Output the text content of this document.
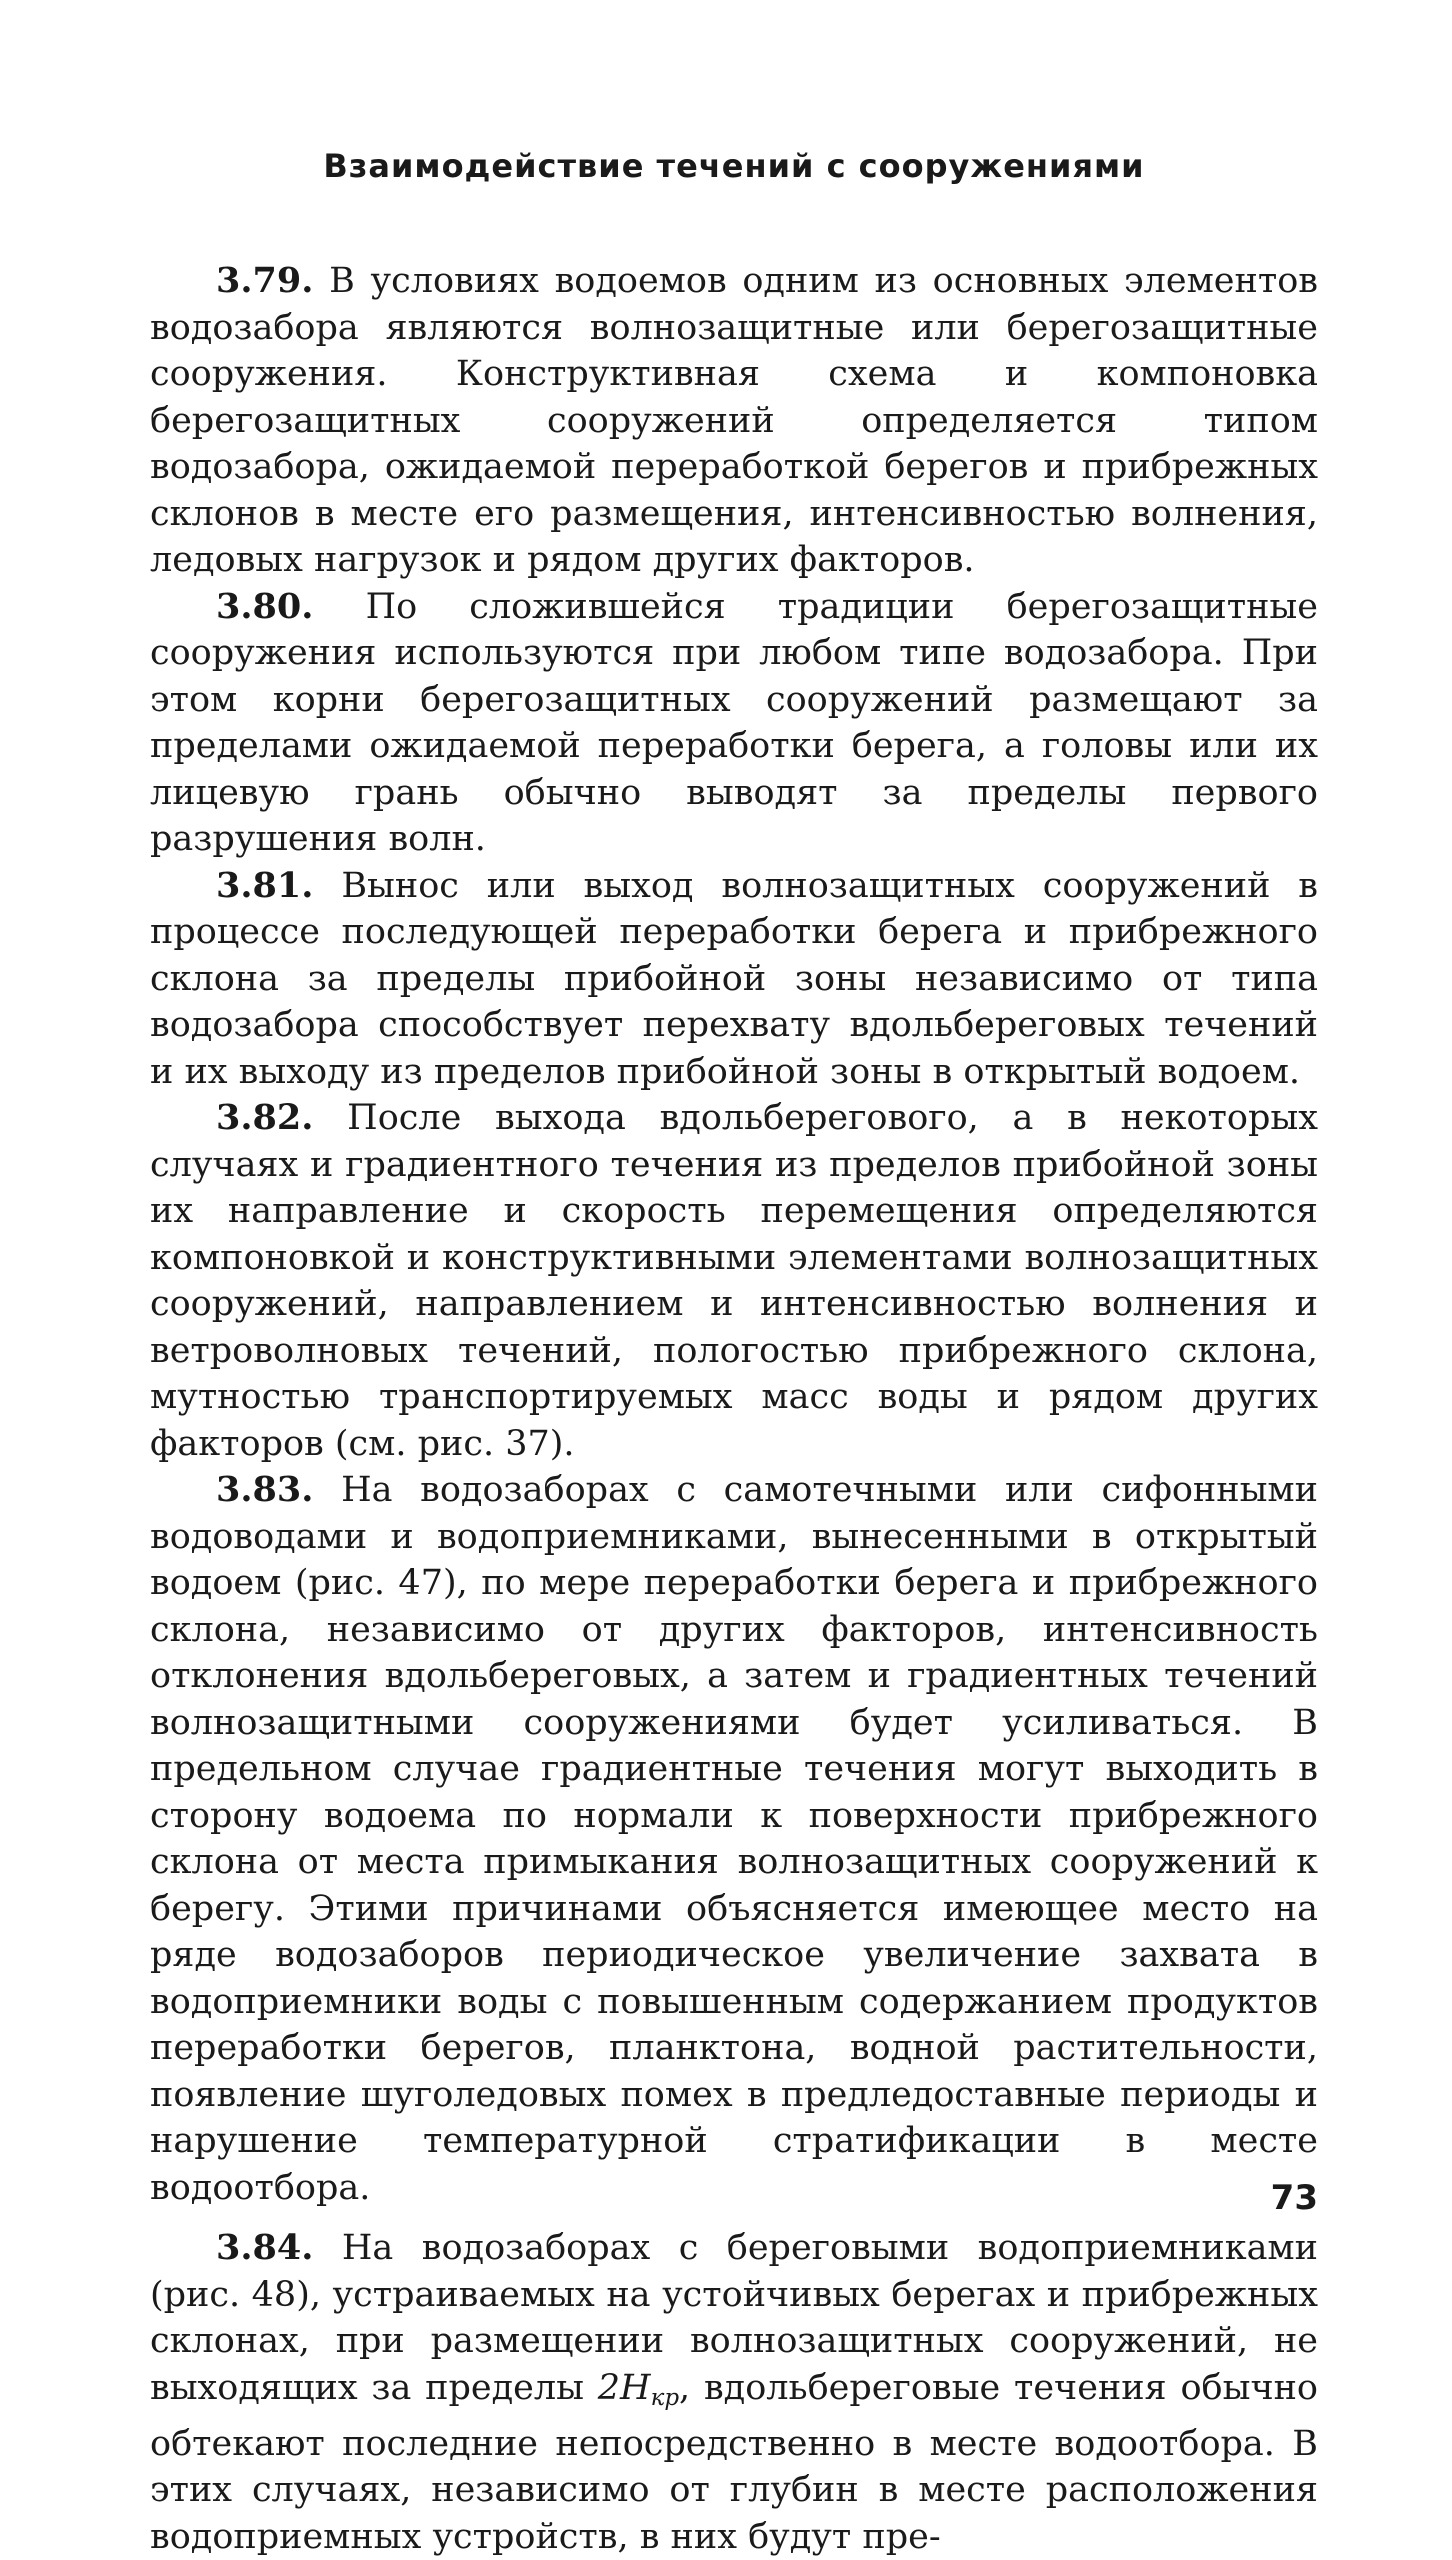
Взаимодействие течений с сооружениями

3.79. В условиях водоемов одним из основных элементов водозабора являются волнозащитные или берегозащитные сооружения. Конструктивная схема и компоновка берегозащитных сооружений определяется типом водозабора, ожидаемой переработкой берегов и прибрежных склонов в месте его размещения, интенсивностью волнения, ледовых нагрузок и рядом других факторов.

3.80. По сложившейся традиции берегозащитные сооружения используются при любом типе водозабора. При этом корни берегозащитных сооружений размещают за пределами ожидаемой переработки берега, а головы или их лицевую грань обычно выводят за пределы первого разрушения волн.

3.81. Вынос или выход волнозащитных сооружений в процессе последующей переработки берега и прибрежного склона за пределы прибойной зоны независимо от типа водозабора способствует перехвату вдольбереговых течений и их выходу из пределов прибойной зоны в открытый водоем.

3.82. После выхода вдольберегового, а в некоторых случаях и градиентного течения из пределов прибойной зоны их направление и скорость перемещения определяются компоновкой и конструктивными элементами волнозащитных сооружений, направлением и интенсивностью волнения и ветроволновых течений, пологостью прибрежного склона, мутностью транспортируемых масс воды и рядом других факторов (см. рис. 37).

3.83. На водозаборах с самотечными или сифонными водоводами и водоприемниками, вынесенными в открытый водоем (рис. 47), по мере переработки берега и прибрежного склона, независимо от других факторов, интенсивность отклонения вдольбереговых, а затем и градиентных течений волнозащитными сооружениями будет усиливаться. В предельном случае градиентные течения могут выходить в сторону водоема по нормали к поверхности прибрежного склона от места примыкания волнозащитных сооружений к берегу. Этими причинами объясняется имеющее место на ряде водозаборов периодическое увеличение захвата в водоприемники воды с повышенным содержанием продуктов переработки берегов, планктона, водной растительности, появление шуголедовых помех в предледоставные периоды и нарушение температурной стратификации в месте водоотбора.

3.84. На водозаборах с береговыми водоприемниками (рис. 48), устраиваемых на устойчивых берегах и прибрежных склонах, при размещении волнозащитных сооружений, не выходящих за пределы $2H_{кр}$, вдольбереговые течения обычно обтекают последние непосредственно в месте водоотбора. В этих случаях, независимо от глубин в месте расположения водоприемных устройств, в них будут пре-

73
